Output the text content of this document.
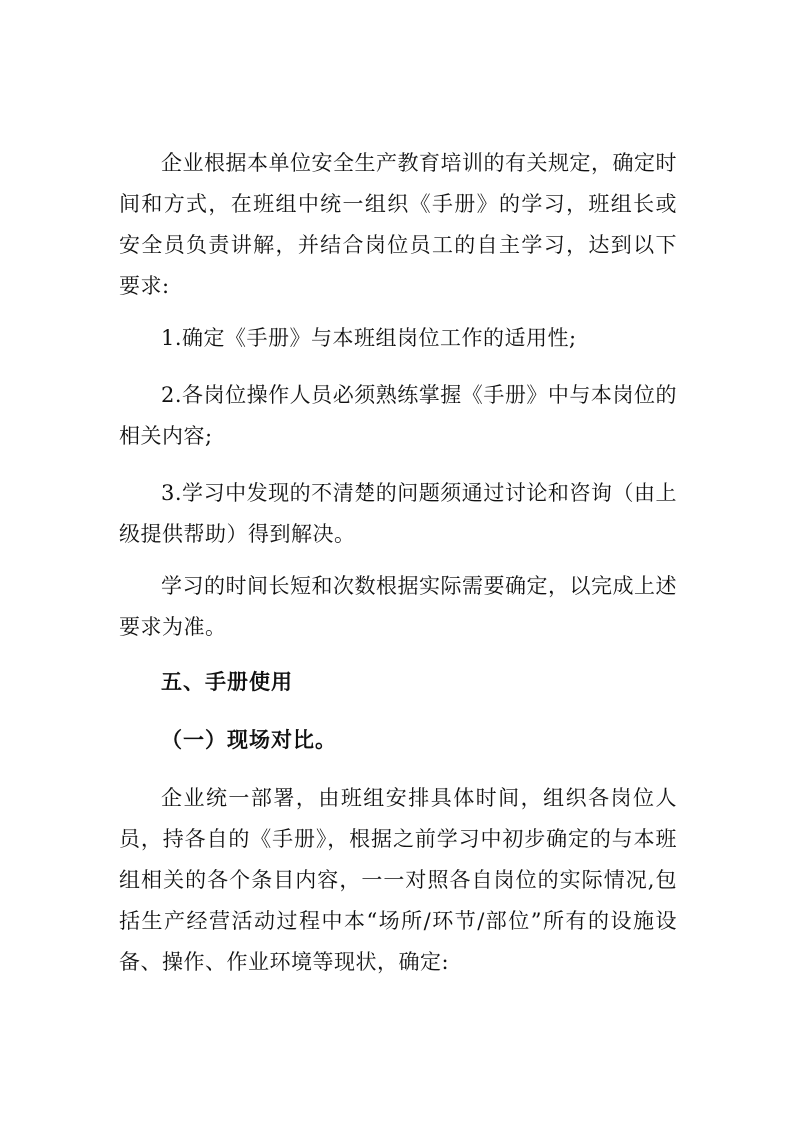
企业根据本单位安全生产教育培训的有关规定，确定时间和方式，在班组中统一组织《手册》的学习，班组长或安全员负责讲解，并结合岗位员工的自主学习，达到以下要求:

1.确定《手册》与本班组岗位工作的适用性;

2.各岗位操作人员必须熟练掌握《手册》中与本岗位的相关内容;

3.学习中发现的不清楚的问题须通过讨论和咨询（由上级提供帮助）得到解决。

学习的时间长短和次数根据实际需要确定，以完成上述要求为准。

五、手册使用
（一）现场对比。

企业统一部署，由班组安排具体时间，组织各岗位人员，持各自的《手册》，根据之前学习中初步确定的与本班组相关的各个条目内容，一一对照各自岗位的实际情况,包括生产经营活动过程中本“场所/环节/部位”所有的设施设备、操作、作业环境等现状，确定:
